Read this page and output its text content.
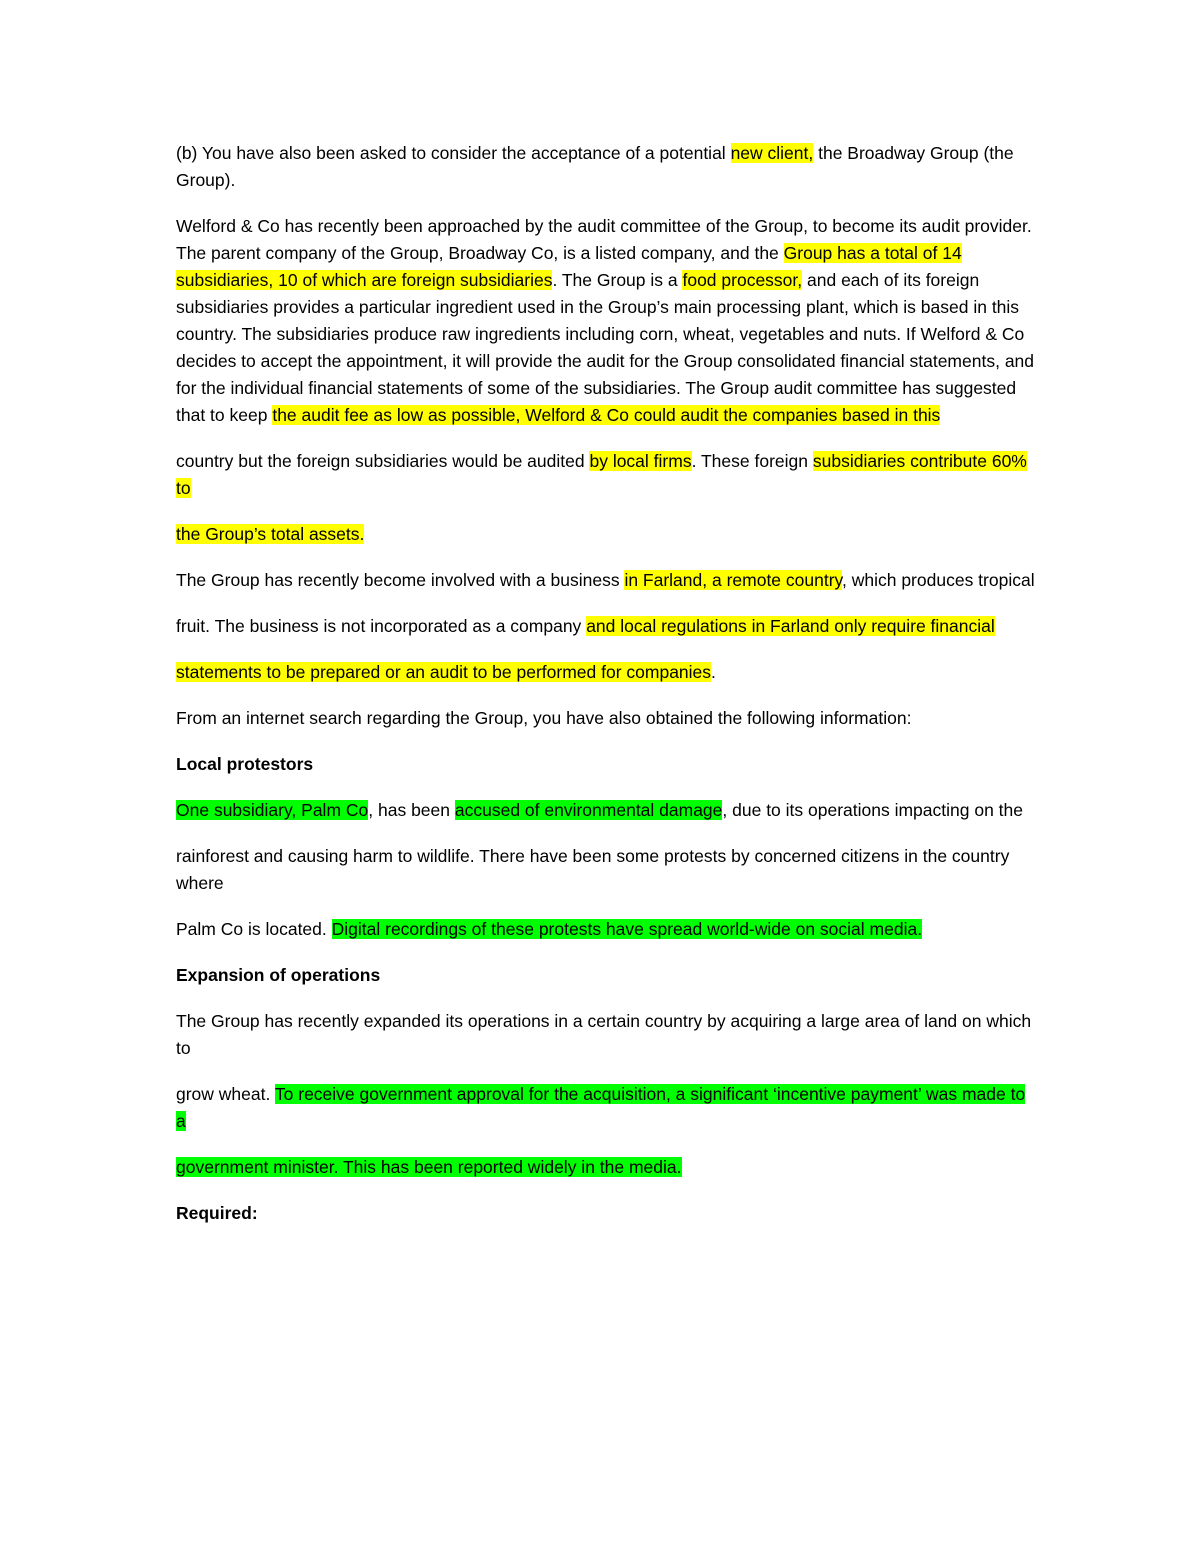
(b) You have also been asked to consider the acceptance of a potential new client, the Broadway Group (the Group).

Welford & Co has recently been approached by the audit committee of the Group, to become its audit provider. The parent company of the Group, Broadway Co, is a listed company, and the Group has a total of 14 subsidiaries, 10 of which are foreign subsidiaries. The Group is a food processor, and each of its foreign subsidiaries provides a particular ingredient used in the Group’s main processing plant, which is based in this country. The subsidiaries produce raw ingredients including corn, wheat, vegetables and nuts. If Welford & Co decides to accept the appointment, it will provide the audit for the Group consolidated financial statements, and for the individual financial statements of some of the subsidiaries. The Group audit committee has suggested that to keep the audit fee as low as possible, Welford & Co could audit the companies based in this

country but the foreign subsidiaries would be audited by local firms. These foreign subsidiaries contribute 60% to

the Group’s total assets.

The Group has recently become involved with a business in Farland, a remote country, which produces tropical

fruit. The business is not incorporated as a company and local regulations in Farland only require financial

statements to be prepared or an audit to be performed for companies.

From an internet search regarding the Group, you have also obtained the following information:

Local protestors

One subsidiary, Palm Co, has been accused of environmental damage, due to its operations impacting on the

rainforest and causing harm to wildlife. There have been some protests by concerned citizens in the country where

Palm Co is located. Digital recordings of these protests have spread world-wide on social media.

Expansion of operations

The Group has recently expanded its operations in a certain country by acquiring a large area of land on which to

grow wheat. To receive government approval for the acquisition, a significant ‘incentive payment’ was made to a

government minister. This has been reported widely in the media.

Required:
